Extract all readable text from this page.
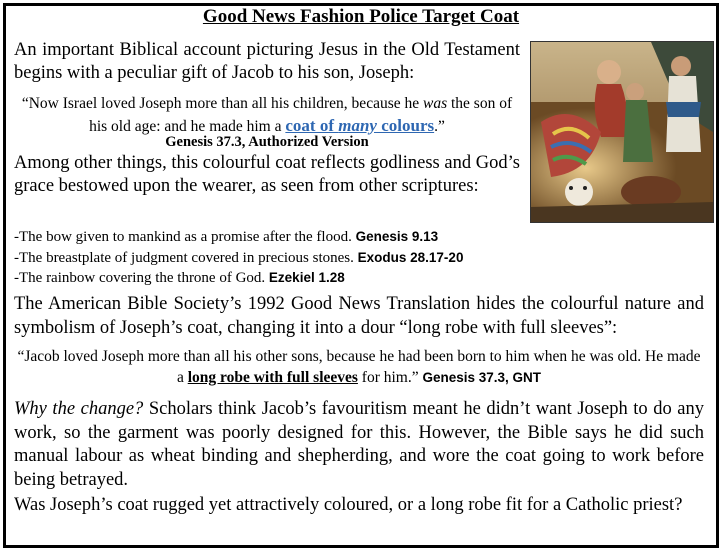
Good News Fashion Police Target Coat
An important Biblical account picturing Jesus in the Old Testament begins with a peculiar gift of Jacob to his son, Joseph:
“Now Israel loved Joseph more than all his children, because he was the son of his old age: and he made him a coat of many colours.”
Genesis 37.3, Authorized Version
Among other things, this colourful coat reflects godliness and God’s grace bestowed upon the wearer, as seen from other scriptures:
-The bow given to mankind as a promise after the flood. Genesis 9.13
-The breastplate of judgment covered in precious stones. Exodus 28.17-20
-The rainbow covering the throne of God. Ezekiel 1.28
The American Bible Society’s 1992 Good News Translation hides the colourful nature and symbolism of Joseph’s coat, changing it into a dour “long robe with full sleeves”:
“Jacob loved Joseph more than all his other sons, because he had been born to him when he was old. He made a long robe with full sleeves for him.” Genesis 37.3, GNT
Why the change? Scholars think Jacob’s favouritism meant he didn’t want Joseph to do any work, so the garment was poorly designed for this. However, the Bible says he did such manual labour as wheat binding and shepherding, and wore the coat going to work before being betrayed.
Was Joseph’s coat rugged yet attractively coloured, or a long robe fit for a Catholic priest?
